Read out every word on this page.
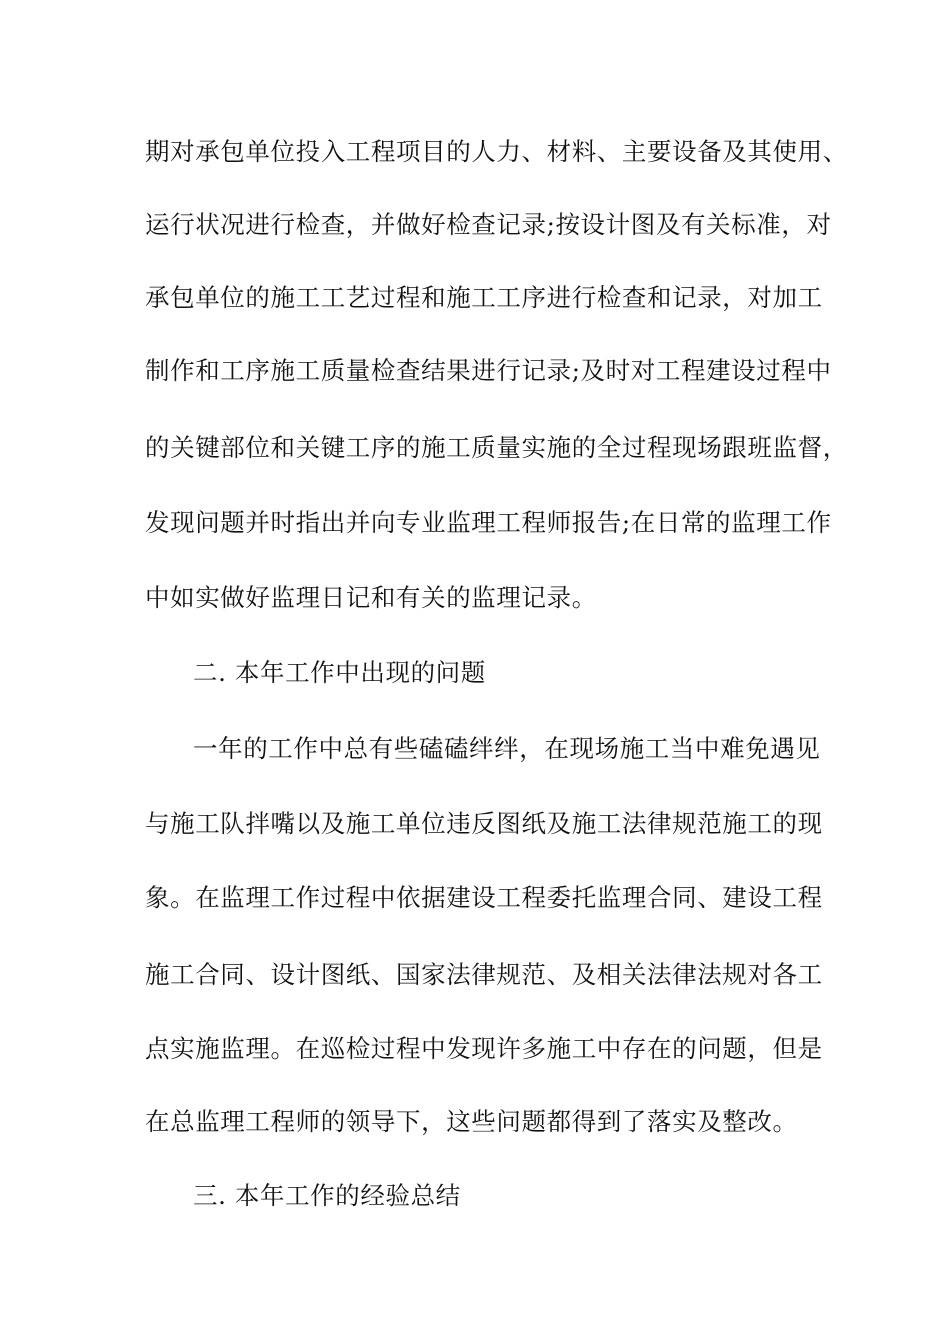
期对承包单位投入工程项目的人力、材料、主要设备及其使用、
运行状况进行检查，并做好检查记录;按设计图及有关标准，对
承包单位的施工工艺过程和施工工序进行检查和记录，对加工
制作和工序施工质量检查结果进行记录;及时对工程建设过程中
的关键部位和关键工序的施工质量实施的全过程现场跟班监督，
发现问题并时指出并向专业监理工程师报告;在日常的监理工作
中如实做好监理日记和有关的监理记录。
二. 本年工作中出现的问题
一年的工作中总有些磕磕绊绊，在现场施工当中难免遇见
与施工队拌嘴以及施工单位违反图纸及施工法律规范施工的现
象。在监理工作过程中依据建设工程委托监理合同、建设工程
施工合同、设计图纸、国家法律规范、及相关法律法规对各工
点实施监理。在巡检过程中发现许多施工中存在的问题，但是
在总监理工程师的领导下，这些问题都得到了落实及整改。
三. 本年工作的经验总结
